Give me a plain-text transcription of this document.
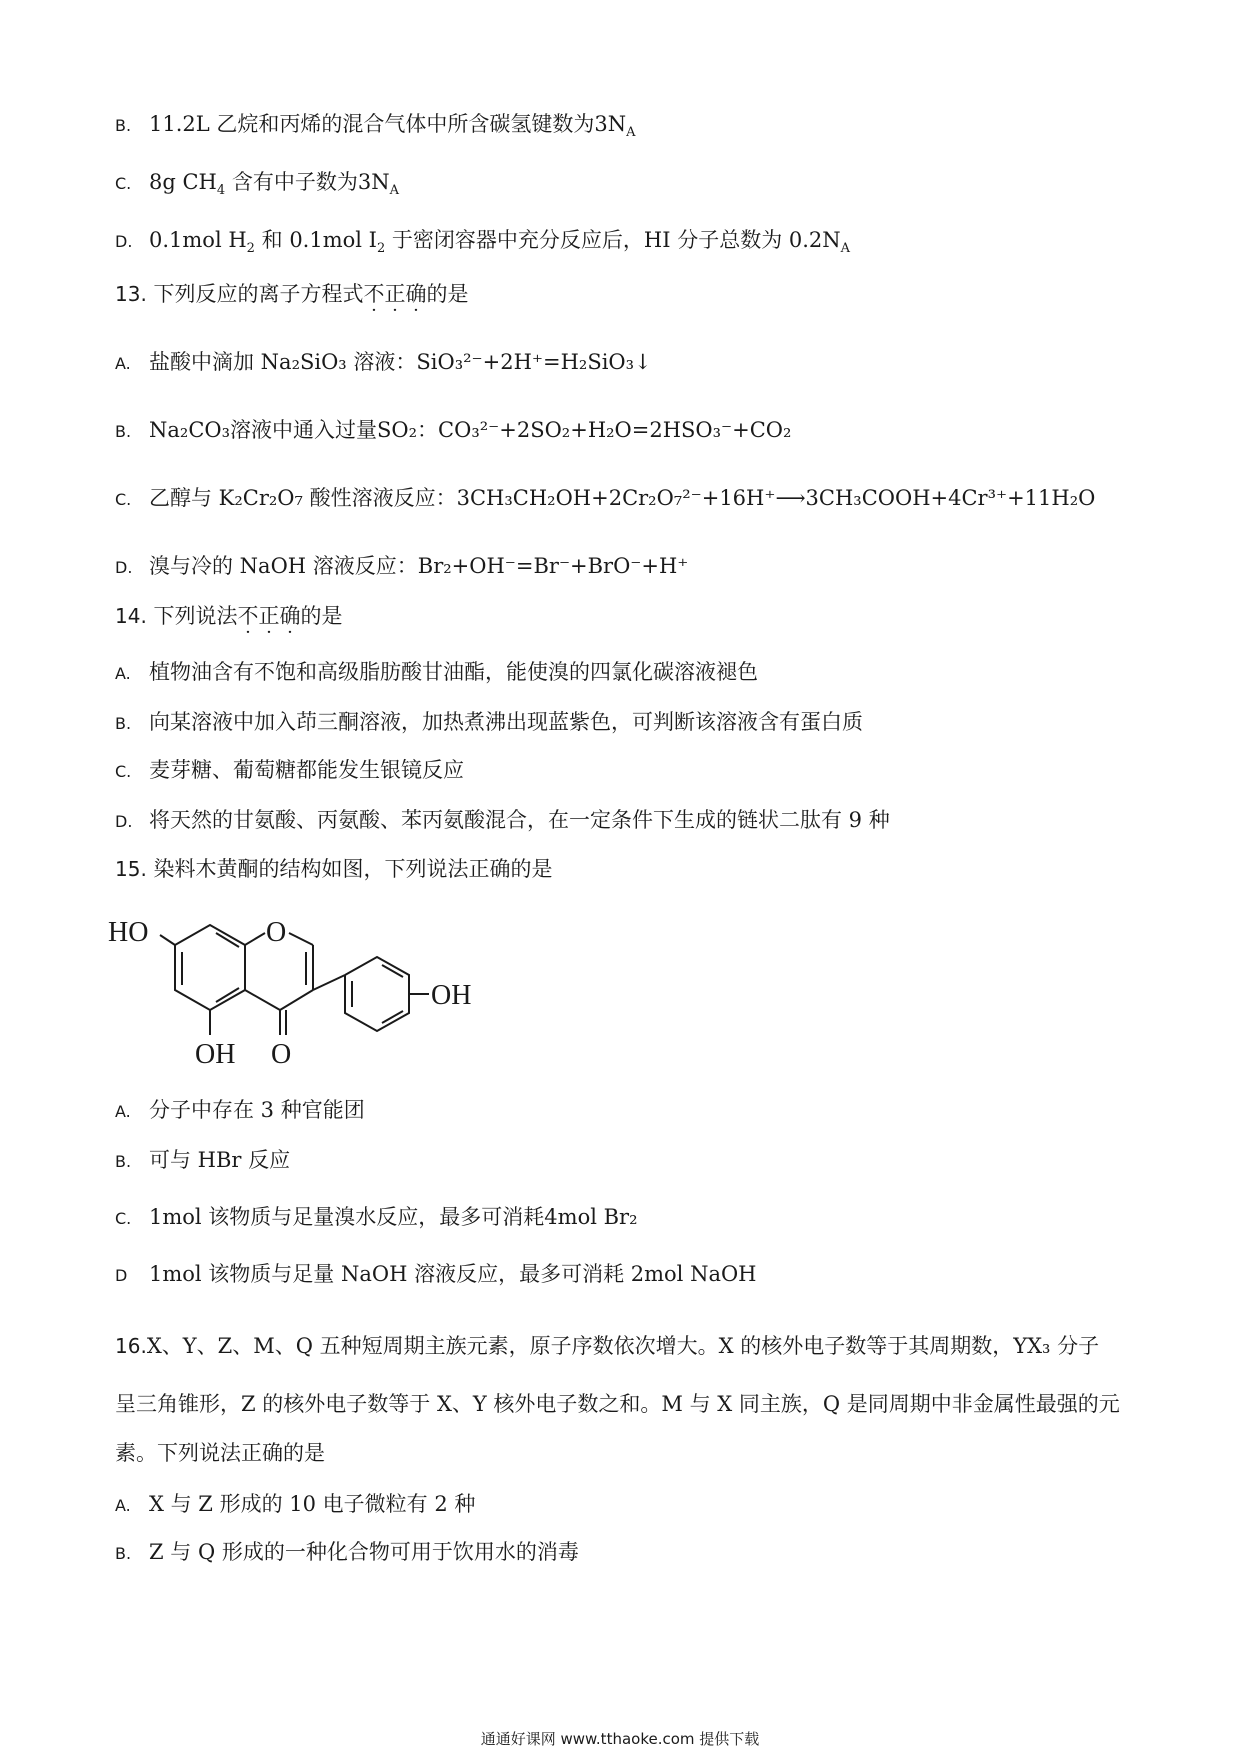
B. 11.2L 乙烷和丙烯的混合气体中所含碳氢键数为$3N_A$
C. 8g $CH_4$ 含有中子数为$3N_A$
D. 0.1mol $H_2$ 和 0.1mol $I_2$ 于密闭容器中充分反应后，HI 分子总数为 $0.2N_A$
13. 下列反应的离子方程式不正确的是
A. 盐酸中滴加 Na₂SiO₃ 溶液：SiO₃²⁻+2H⁺=H₂SiO₃↓
B. Na₂CO₃溶液中通入过量SO₂：CO₃²⁻+2SO₂+H₂O=2HSO₃⁻+CO₂
C. 乙醇与 K₂Cr₂O₇ 酸性溶液反应：3CH₃CH₂OH+2Cr₂O₇²⁻+16H⁺⟶3CH₃COOH+4Cr³⁺+11H₂O
D. 溴与冷的 NaOH 溶液反应：Br₂+OH⁻=Br⁻+BrO⁻+H⁺
14. 下列说法不正确的是
A. 植物油含有不饱和高级脂肪酸甘油酯，能使溴的四氯化碳溶液褪色
B. 向某溶液中加入茚三酮溶液，加热煮沸出现蓝紫色，可判断该溶液含有蛋白质
C. 麦芽糖、葡萄糖都能发生银镜反应
D. 将天然的甘氨酸、丙氨酸、苯丙氨酸混合，在一定条件下生成的链状二肽有 9 种
15. 染料木黄酮的结构如图，下列说法正确的是
HO	O
OH
OH O
A. 分子中存在 3 种官能团
B. 可与 HBr 反应
C. 1mol 该物质与足量溴水反应，最多可消耗4mol Br₂
D 1mol 该物质与足量 NaOH 溶液反应，最多可消耗 2mol NaOH
16.X、Y、Z、M、Q 五种短周期主族元素，原子序数依次增大。X 的核外电子数等于其周期数，YX₃ 分子
呈三角锥形，Z 的核外电子数等于 X、Y 核外电子数之和。M 与 X 同主族，Q 是同周期中非金属性最强的元
素。下列说法正确的是
A. X 与 Z 形成的 10 电子微粒有 2 种
B. Z 与 Q 形成的一种化合物可用于饮用水的消毒
通通好课网 www.tthaoke.com 提供下载
